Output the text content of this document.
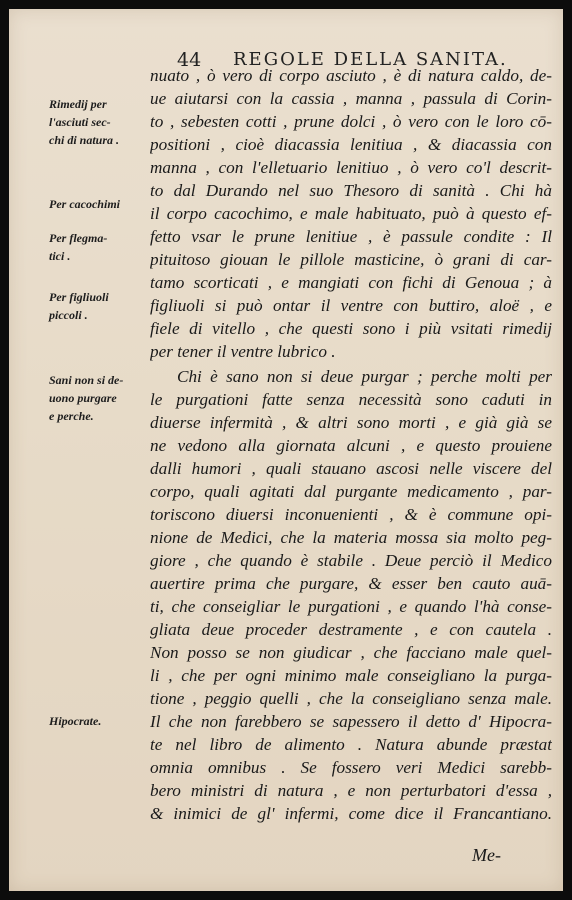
44 REGOLE DELLA SANITA.
Rimedij per
l'asciuti sec-
chi di natura .
Per cacochimi
Per flegma-
tici .
Per figliuoli
piccoli .
Sani non si de-
uono purgare
e perche.
Hipocrate.
nuato , ò vero di corpo asciuto , è di natura caldo, de-
ue aiutarsi con la cassia , manna , passula di Corin-
to , sebesten cotti , prune dolci , ò vero con le loro cō-
positioni , cioè diacassia lenitiua , & diacassia con
manna , con l'elletuario lenitiuo , ò vero co'l descrit-
to dal Durando nel suo Thesoro di sanità . Chi hà
il corpo cacochimo, e male habituato, può à questo ef-
fetto vsar le prune lenitiue , è passule condite : Il
pituitoso giouan le pillole masticine, ò grani di car-
tamo scorticati , e mangiati con fichi di Genoua ; à
figliuoli si può ontar il ventre con buttiro, aloë , e
fiele di vitello , che questi sono i più vsitati rimedij
per tener il ventre lubrico .
Chi è sano non si deue purgar ; perche molti per
le purgationi fatte senza necessità sono caduti in
diuerse infermità , & altri sono morti , e già già se
ne vedono alla giornata alcuni , e questo prouiene
dalli humori , quali stauano ascosi nelle viscere del
corpo, quali agitati dal purgante medicamento , par-
toriscono diuersi inconuenienti , & è commune opi-
nione de Medici, che la materia mossa sia molto peg-
giore , che quando è stabile . Deue perciò il Medico
auertire prima che purgare, & esser ben cauto auā-
ti, che conseigliar le purgationi , e quando l'hà conse-
gliata deue proceder destramente , e con cautela .
Non posso se non giudicar , che facciano male quel-
li , che per ogni minimo male conseigliano la purga-
tione , peggio quelli , che la conseigliano senza male.
Il che non farebbero se sapessero il detto d' Hipocra-
te nel libro de alimento . Natura abunde præstat
omnia omnibus . Se fossero veri Medici sarebb-
bero ministri di natura , e non perturbatori d'essa ,
& inimici de gl' infermi, come dice il Francantiano.
Me-
